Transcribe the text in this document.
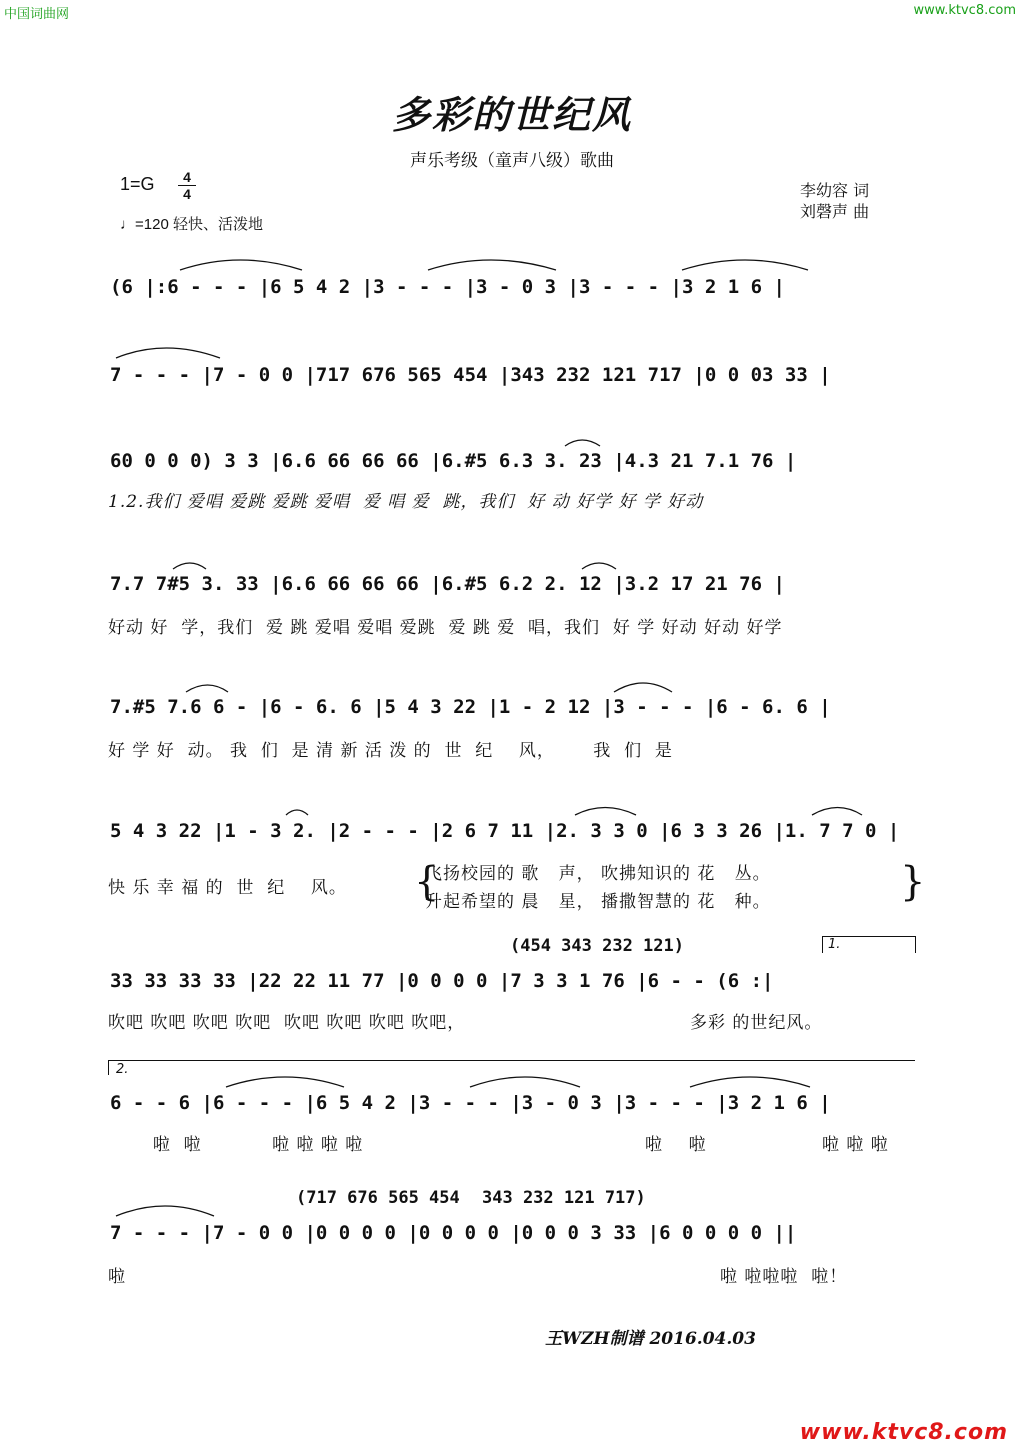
中国词曲网	www.ktvc8.com
多彩的世纪风
声乐考级（童声八级）歌曲
1=G	4
4
♩=120 轻快、活泼地
李幼容 词
刘磬声 曲
(6 |:6 - - - |6 5 4 2 |3 - - - |3 - 0 3 |3 - - - |3 2 1 6 |
7 - - - |7 - 0 0 |717 676 565 454 |343 232 121 717 |0 0 03 33 |
60 0 0 0) 3 3 |6.6 66 66 66 |6.#5 6.3 3. 23 |4.3 21 7.1 76 |
1.2.我们 爱唱 爱跳 爱跳 爱唱  爱 唱 爱  跳，我们  好 动 好学 好 学 好动
7.7 7#5 3. 33 |6.6 66 66 66 |6.#5 6.2 2. 12 |3.2 17 21 76 |
好动 好  学，我们  爱 跳 爱唱 爱唱 爱跳  爱 跳 爱  唱，我们  好 学 好动 好动 好学
7.#5 7.6 6 - |6 - 6. 6 |5 4 3 22 |1 - 2 12 |3 - - - |6 - 6. 6 |
好 学 好  动。 我  们  是 清 新 活 泼 的  世  纪    风，      我  们  是
5 4 3 22 |1 - 3 2. |2 - - - |2 6 7 11 |2. 3 3 0 |6 3 3 26 |1. 7 7 0 |
快 乐 幸 福 的  世  纪    风。
飞扬校园的 歌   声， 吹拂知识的 花   丛。
升起希望的 晨   星， 播撒智慧的 花   种。
{	}
(454 343 232 121)
33 33 33 33 |22 22 11 77 |0 0 0 0 |7 3 3 1 76 |6 - - (6 :|
吹吧 吹吧 吹吧 吹吧  吹吧 吹吧 吹吧 吹吧，	多彩 的世纪风。
1.
2.
6 - - 6 |6 - - - |6 5 4 2 |3 - - - |3 - 0 3 |3 - - - |3 2 1 6 |
啦  啦           啦 啦 啦 啦	啦    啦	啦 啦 啦
(717 676 565 454	343 232 121 717)
7 - - - |7 - 0 0 |0 0 0 0 |0 0 0 0 |0 0 0 3 33 |6 0 0 0 0 ||
啦	啦 啦啦啦  啦！
王WZH制谱 2016.04.03
www.ktvc8.com
